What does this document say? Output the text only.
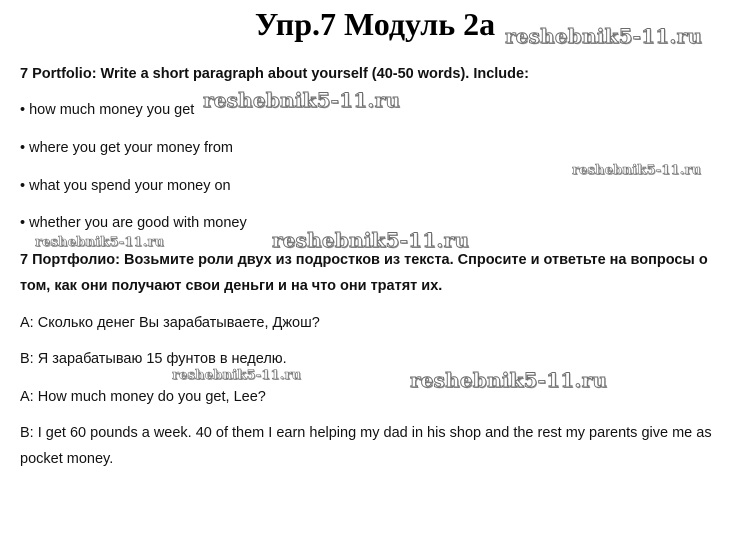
Упр.7 Модуль 2а

7 Portfolio: Write a short paragraph about yourself (40-50 words). Include:

• how much money you get

• where you get your money from

• what you spend your money on

• whether you are good with money

7 Портфолио: Возьмите роли двух из подростков из текста. Спросите и ответьте на вопросы о том, как они получают свои деньги и на что они тратят их.

A: Сколько денег Вы зарабатываете, Джош?

B: Я зарабатываю 15 фунтов в неделю.

A: How much money do you get, Lee?

B: I get 60 pounds a week. 40 of them I earn helping my dad in his shop and the rest my parents give me as pocket money.

reshebnik5-11.ru
reshebnik5-11.ru
reshebnik5-11.ru
reshebnik5-11.ru	reshebnik5-11.ru
reshebnik5-11.ru	reshebnik5-11.ru
